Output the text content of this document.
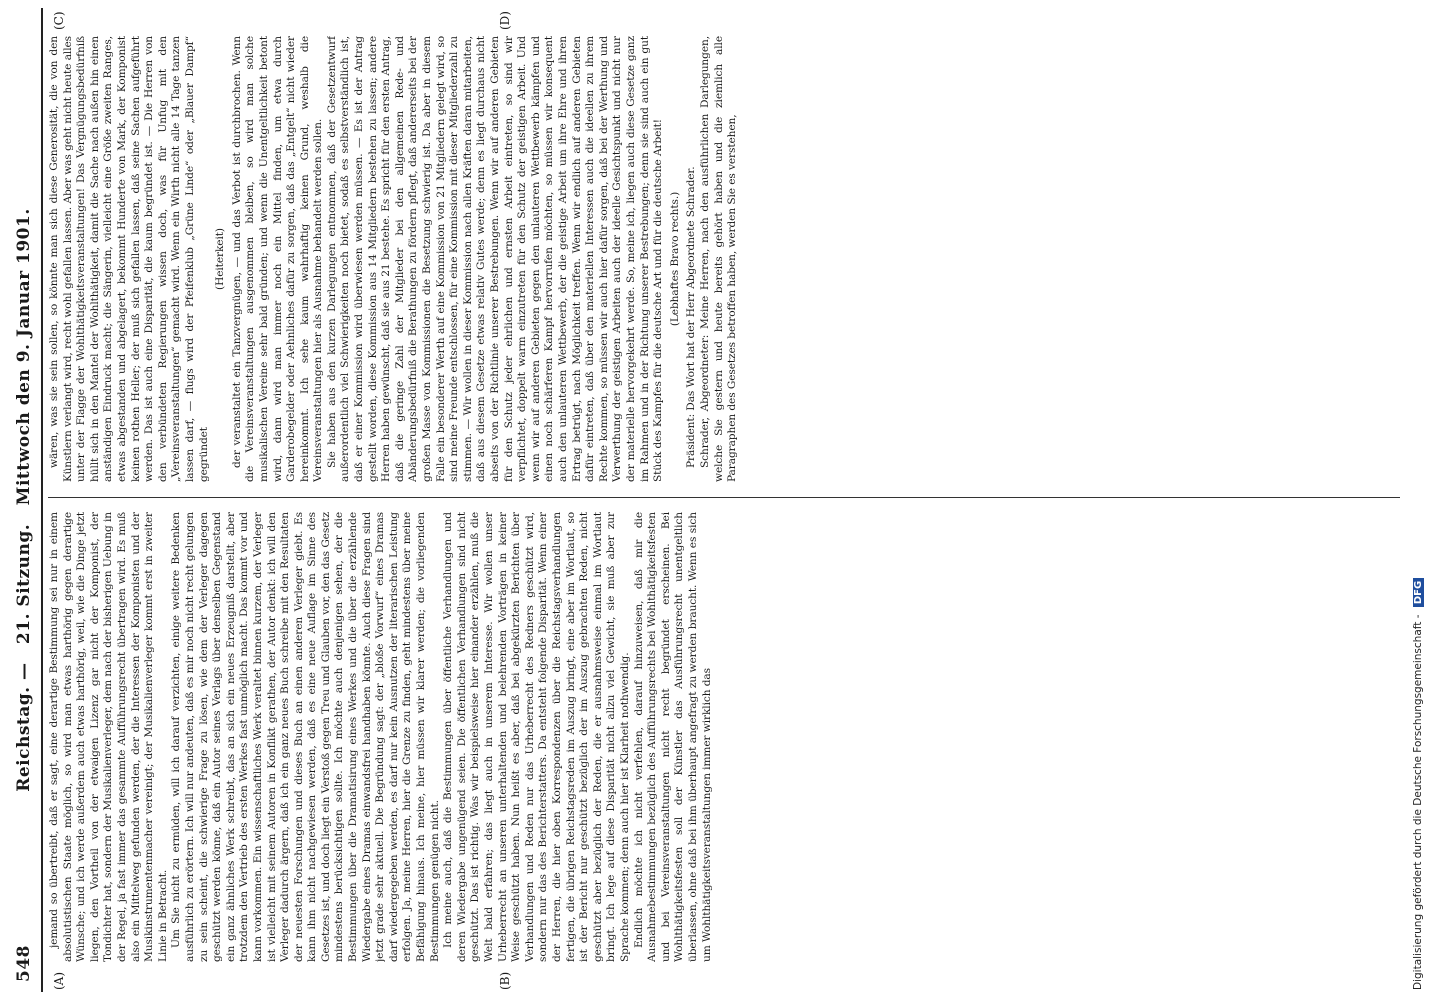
548
Reichstag. — 21. Sitzung. Mittwoch den 9. Januar 1901.
(A)	(B)
(C)	(D)

jemand so übertreibt, daß er sagt, eine derartige Bestimmung sei nur in einem absolutistischen Staate möglich, so wird man etwas harthörig gegen derartige Wünsche; und ich werde außerdem auch etwas harthörig, weil, wie die Dinge jetzt liegen, den Vortheil von der etwaigen Lizenz gar nicht der Komponist, der Tondichter hat, sondern der Musikalienverleger, dem nach der bisherigen Uebung in der Regel, ja fast immer das gesammte Aufführungsrecht übertragen wird. Es muß also ein Mittelweg gefunden werden, der die Interessen der Komponisten und der Musikinstrumentenmacher vereinigt; der Musikalienverleger kommt erst in zweiter Linie in Betracht. Um Sie nicht zu ermüden, will ich darauf verzichten, einige weitere Bedenken ausführlich zu erörtern. Ich will nur andeuten, daß es mir noch nicht recht gelungen zu sein scheint, die schwierige Frage zu lösen, wie dem der Verleger dagegen geschützt werden könne, daß ein Autor seines Verlags über denselben Gegenstand ein ganz ähnliches Werk schreibt, das an sich ein neues Erzeugniß darstellt, aber trotzdem den Vertrieb des ersten Werkes fast unmöglich macht. Das kommt vor und kann vorkommen. Ein wissenschaftliches Werk veraltet binnen kurzem, der Verleger ist vielleicht mit seinem Autoren in Konflikt gerathen, der Autor denkt: ich will den Verleger dadurch ärgern, daß ich ein ganz neues Buch schreibe mit den Resultaten der neuesten Forschungen und dieses Buch an einen anderen Verleger giebt. Es kann ihm nicht nachgewiesen werden, daß es eine neue Auflage im Sinne des Gesetzes ist, und doch liegt ein Verstoß gegen Treu und Glauben vor, den das Gesetz mindestens berücksichtigen sollte. Ich möchte auch denjenigen sehen, der die Bestimmungen über die Dramatisirung eines Werkes und die über die erzählende Wiedergabe eines Dramas einwandsfrei handhaben könnte. Auch diese Fragen sind jetzt grade sehr aktuell. Die Begründung sagt: der „bloße Vorwurf“ eines Dramas darf wiedergegeben werden, es darf nur kein Ausnutzen der literarischen Leistung erfolgen. Ja, meine Herren, hier die Grenze zu finden, geht mindestens über meine Befähigung hinaus. Ich meine, hier müssen wir klarer werden; die vorliegenden Bestimmungen genügen nicht. Ich meine auch, daß die Bestimmungen über öffentliche Verhandlungen und deren Wiedergabe ungenügend seien. Die öffentlichen Verhandlungen sind nicht geschützt. Das ist richtig. Was wir beispielsweise hier einander erzählen, muß die Welt bald erfahren; das liegt auch in unserem Interesse. Wir wollen unser Urheberrecht an unseren unterhaltenden und belehrenden Vorträgen in keiner Weise geschützt haben. Nun heißt es aber, daß bei abgekürzten Berichten über Verhandlungen und Reden nur das Urheberrecht des Redners geschützt wird, sondern nur das des Berichterstatters. Da entsteht folgende Disparität. Wenn einer der Herren, die hier oben Korrespondenzen über die Reichstagsverhandlungen fertigen, die übrigen Reichstagsreden im Auszug bringt, eine aber im Wortlaut, so ist der Bericht nur geschützt bezüglich der im Auszug gebrachten Reden, nicht geschützt aber bezüglich der Reden, die er ausnahmsweise einmal im Wortlaut bringt. Ich lege auf diese Disparität nicht allzu viel Gewicht, sie muß aber zur Sprache kommen; denn auch hier ist Klarheit nothwendig. Endlich möchte ich nicht verfehlen, darauf hinzuweisen, daß mir die Ausnahmebestimmungen bezüglich des Aufführungsrechts bei Wohlthätigkeitsfesten und bei Vereinsveranstaltungen nicht recht begründet erscheinen. Bei Wohlthätigkeitsfesten soll der Künstler das Ausführungsrecht unentgeltlich überlassen, ohne daß bei ihm überhaupt angefragt zu werden braucht. Wenn es sich um Wohlthätigkeitsveranstaltungen immer wirklich das

wären, was sie sein sollen, so könnte man sich diese Generosität, die von den Künstlern verlangt wird, recht wohl gefallen lassen. Aber was geht nicht heute alles unter der Flagge der Wohlthätigkeitsveranstaltungen! Das Vergnügungsbedürfniß hüllt sich in den Mantel der Wohlthätigkeit, damit die Sache nach außen hin einen anständigen Eindruck macht; die Sängerin, vielleicht eine Größe zweiten Ranges, etwas abgestanden und abgelagert, bekommt Hunderte von Mark, der Komponist keinen rothen Heller; der muß sich gefallen lassen, daß seine Sachen aufgeführt werden. Das ist auch eine Disparität, die kaum begründet ist. — Die Herren von den verbündeten Regierungen wissen doch, was für Unfug mit den „Vereinsveranstaltungen“ gemacht wird. Wenn ein Wirth nicht alle 14 Tage tanzen lassen darf, — flugs wird der Pfeifenklub „Grüne Linde“ oder „Blauer Dampf“ gegründet

(Heiterkeit) der veranstaltet ein Tanzvergnügen, — und das Verbot ist durchbrochen. Wenn die Vereinsveranstaltungen ausgenommen bleiben, so wird man solche musikalischen Vereine sehr bald gründen; und wenn die Unentgeltlichkeit betont wird, dann wird man immer noch ein Mittel finden, um etwa durch Garderobegelder oder Aehnliches dafür zu sorgen, daß das „Entgelt“ nicht wieder hereinkommt. Ich sehe kaum wahrhaftig keinen Grund, weshalb die Vereinsveranstaltungen hier als Ausnahme behandelt werden sollen. Sie haben aus den kurzen Darlegungen entnommen, daß der Gesetzentwurf außerordentlich viel Schwierigkeiten noch bietet, sodaß es selbstverständlich ist, daß er einer Kommission wird überwiesen werden müssen. — Es ist der Antrag gestellt worden, diese Kommission aus 14 Mitgliedern bestehen zu lassen; andere Herren haben gewünscht, daß sie aus 21 bestehe. Es spricht für den ersten Antrag, daß die geringe Zahl der Mitglieder bei den allgemeinen Rede- und Abänderungsbedürfniß die Berathungen zu fördern pflegt, daß andererseits bei der großen Masse von Kommissionen die Besetzung schwierig ist. Da aber in diesem Falle ein besonderer Werth auf eine Kommission von 21 Mitgliedern gelegt wird, so sind meine Freunde entschlossen, für eine Kommission mit dieser Mitgliederzahl zu stimmen. — Wir wollen in dieser Kommission nach allen Kräften daran mitarbeiten, daß aus diesem Gesetze etwas relativ Gutes werde; denn es liegt durchaus nicht abseits von der Richtlinie unserer Bestrebungen. Wenn wir auf anderen Gebieten für den Schutz jeder ehrlichen und ernsten Arbeit eintreten, so sind wir verpflichtet, doppelt warm einzutreten für den Schutz der geistigen Arbeit. Und wenn wir auf anderen Gebieten gegen den unlauteren Wettbewerb kämpfen und einen noch schärferen Kampf hervorrufen möchten, so müssen wir konsequent auch den unlauteren Wettbewerb, der die geistige Arbeit um ihre Ehre und ihren Ertrag betrügt, nach Möglichkeit treffen. Wenn wir endlich auf anderen Gebieten dafür eintreten, daß über den materiellen Interessen auch die ideellen zu ihrem Rechte kommen, so müssen wir auch hier dafür sorgen, daß bei der Werthung und Verwerthung der geistigen Arbeiten auch der ideelle Gesichtspunkt und nicht nur der materielle hervorgekehrt werde. So, meine ich, liegen auch diese Gesetze ganz im Rahmen und in der Richtung unserer Bestrebungen; denn sie sind auch ein gut Stück des Kampfes für die deutsche Art und für die deutsche Arbeit! (Lebhaftes Bravo rechts.) Präsident: Das Wort hat der Herr Abgeordnete Schrader. Schrader, Abgeordneter: Meine Herren, nach den ausführlichen Darlegungen, welche Sie gestern und heute bereits gehört haben und die ziemlich alle Paragraphen des Gesetzes betroffen haben, werden Sie es verstehen,

Digitalisierung gefördert durch die Deutsche Forschungsgemeinschaft - DFG
